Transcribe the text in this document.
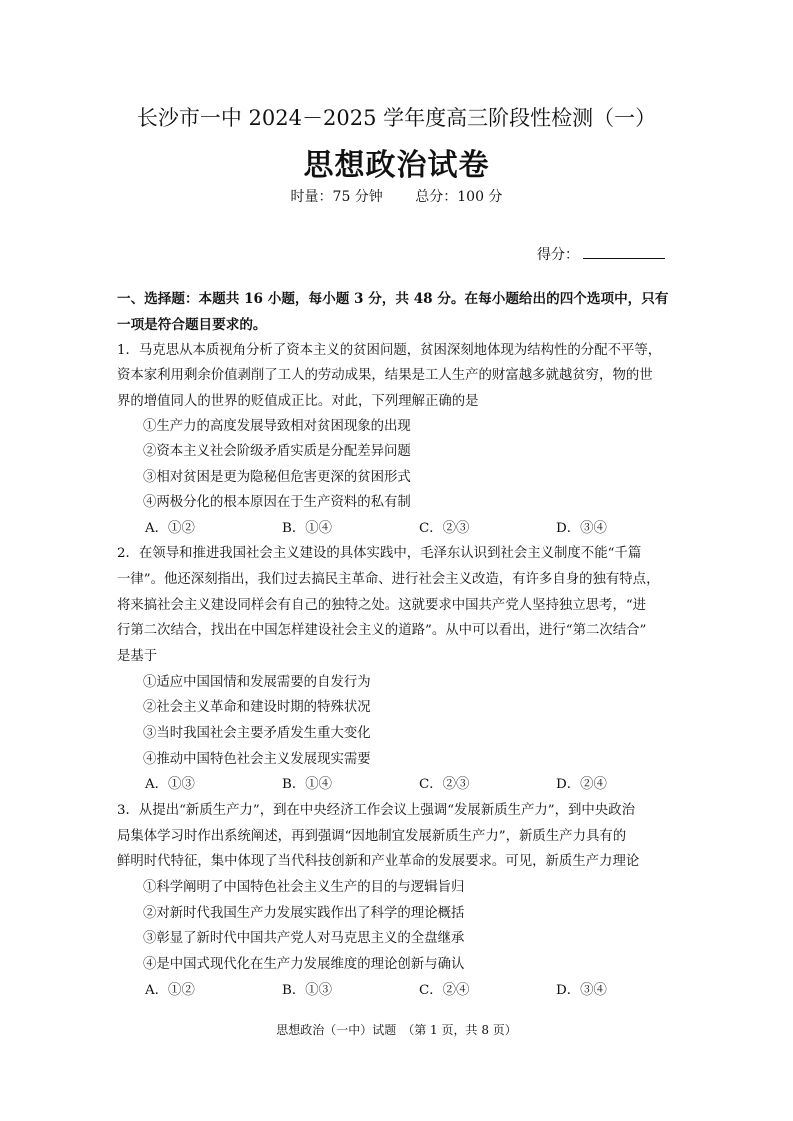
长沙市一中 2024－2025 学年度高三阶段性检测（一）
思想政治试卷
时量：75 分钟 总分：100 分
得分：
一、选择题：本题共 16 小题，每小题 3 分，共 48 分。在每小题给出的四个选项中，只有
一项是符合题目要求的。
1．马克思从本质视角分析了资本主义的贫困问题，贫困深刻地体现为结构性的分配不平等，
资本家利用剩余价值剥削了工人的劳动成果，结果是工人生产的财富越多就越贫穷，物的世
界的增值同人的世界的贬值成正比。对此，下列理解正确的是
①生产力的高度发展导致相对贫困现象的出现
②资本主义社会阶级矛盾实质是分配差异问题
③相对贫困是更为隐秘但危害更深的贫困形式
④两极分化的根本原因在于生产资料的私有制
A．①②	B．①④	C．②③	D．③④
2．在领导和推进我国社会主义建设的具体实践中，毛泽东认识到社会主义制度不能“千篇
一律”。他还深刻指出，我们过去搞民主革命、进行社会主义改造，有许多自身的独有特点，
将来搞社会主义建设同样会有自己的独特之处。这就要求中国共产党人坚持独立思考，“进
行第二次结合，找出在中国怎样建设社会主义的道路”。从中可以看出，进行“第二次结合”
是基于
①适应中国国情和发展需要的自发行为
②社会主义革命和建设时期的特殊状况
③当时我国社会主要矛盾发生重大变化
④推动中国特色社会主义发展现实需要
A．①③	B．①④	C．②③	D．②④
3．从提出“新质生产力”，到在中央经济工作会议上强调“发展新质生产力”，到中央政治
局集体学习时作出系统阐述，再到强调“因地制宜发展新质生产力”，新质生产力具有的
鲜明时代特征，集中体现了当代科技创新和产业革命的发展要求。可见，新质生产力理论
①科学阐明了中国特色社会主义生产的目的与逻辑旨归
②对新时代我国生产力发展实践作出了科学的理论概括
③彰显了新时代中国共产党人对马克思主义的全盘继承
④是中国式现代化在生产力发展维度的理论创新与确认
A．①②	B．①③	C．②④	D．③④
思想政治（一中）试题　（第 1 页，共 8 页）
